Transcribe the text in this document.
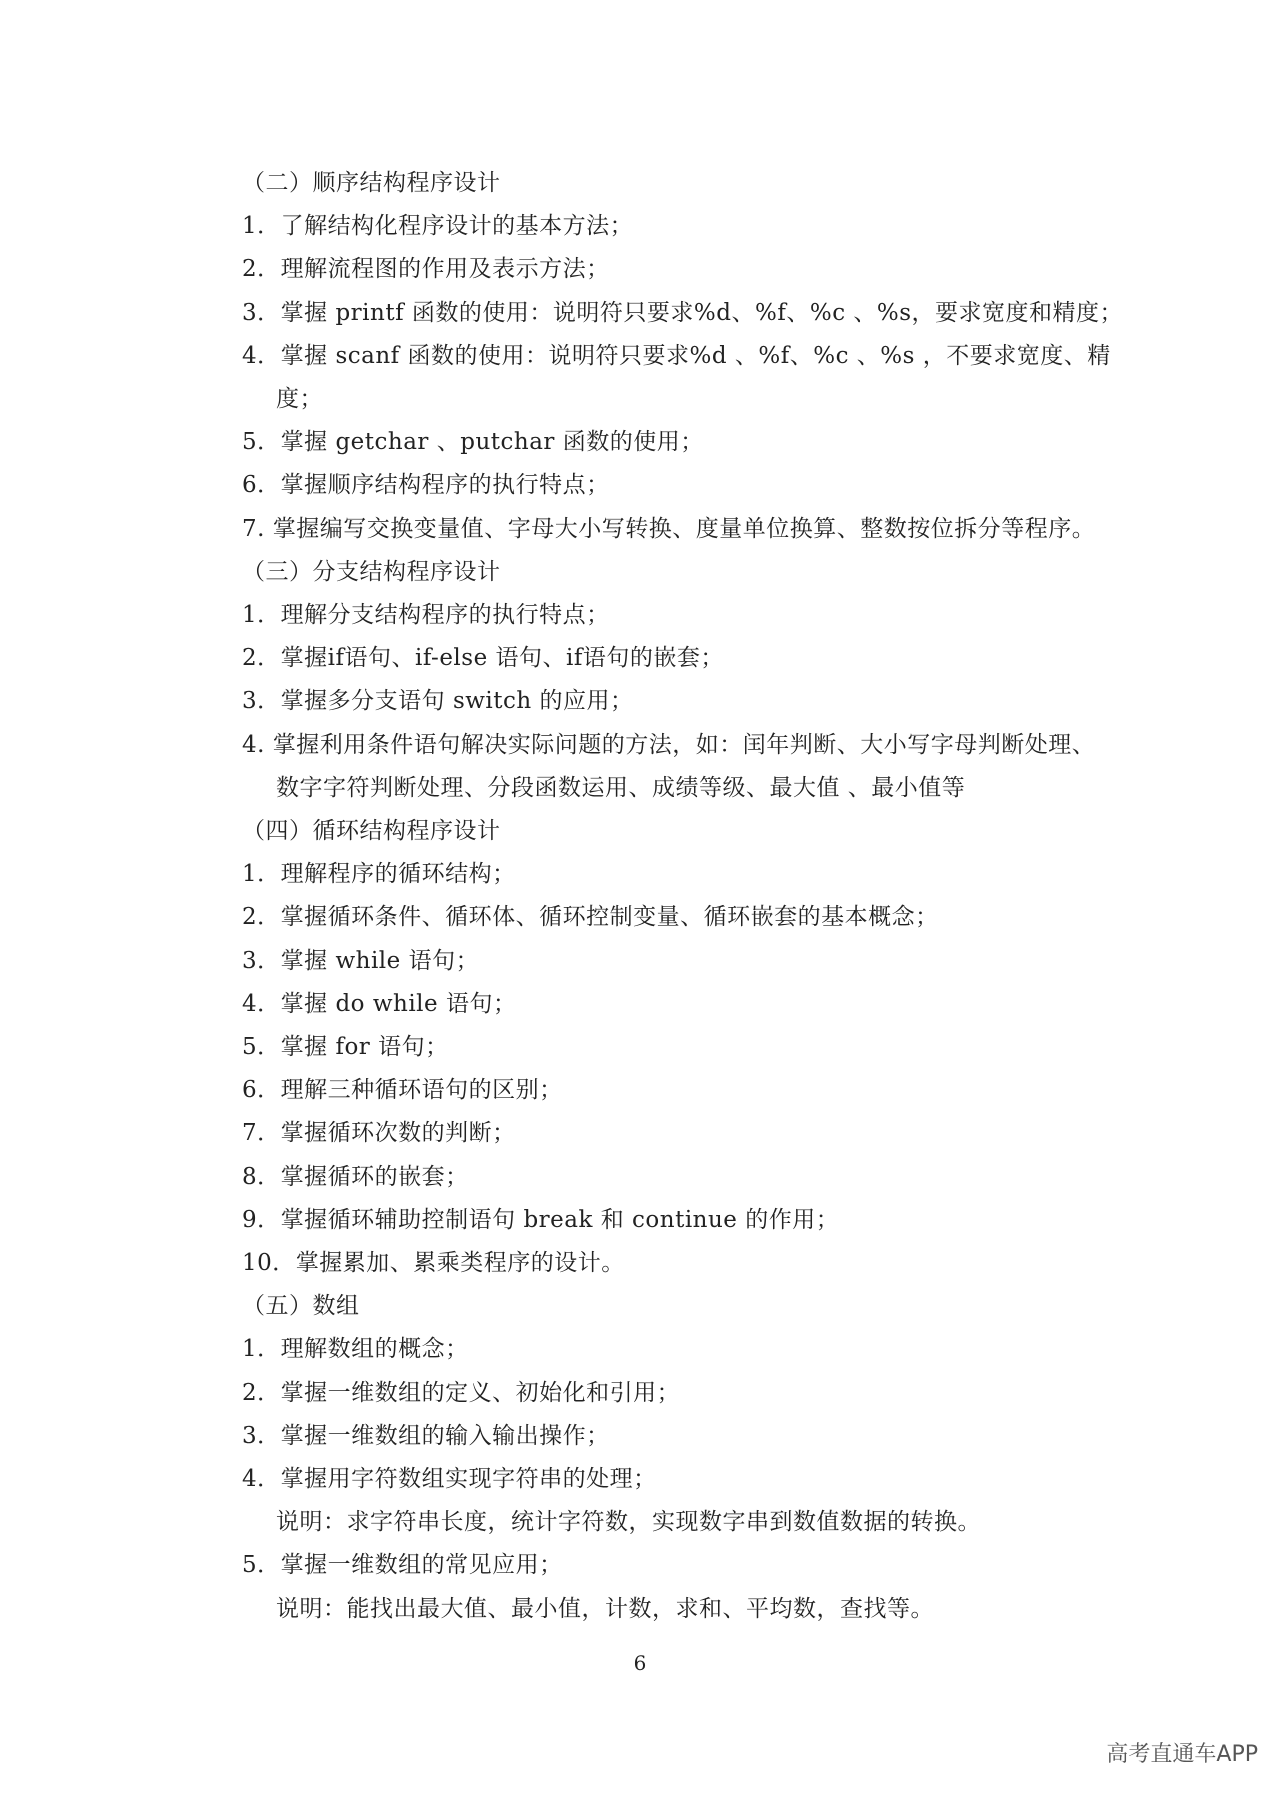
（二）顺序结构程序设计
1．了解结构化程序设计的基本方法；
2．理解流程图的作用及表示方法；
3．掌握 printf 函数的使用：说明符只要求%d、%f、%c 、%s，要求宽度和精度；
4．掌握 scanf 函数的使用：说明符只要求%d 、%f、%c 、%s ，不要求宽度、精
度；
5．掌握 getchar 、putchar 函数的使用；
6．掌握顺序结构程序的执行特点；
7. 掌握编写交换变量值、字母大小写转换、度量单位换算、整数按位拆分等程序。
（三）分支结构程序设计
1．理解分支结构程序的执行特点；
2．掌握if语句、if-else 语句、if语句的嵌套；
3．掌握多分支语句 switch 的应用；
4. 掌握利用条件语句解决实际问题的方法，如：闰年判断、大小写字母判断处理、
数字字符判断处理、分段函数运用、成绩等级、最大值 、最小值等
（四）循环结构程序设计
1．理解程序的循环结构；
2．掌握循环条件、循环体、循环控制变量、循环嵌套的基本概念；
3．掌握 while 语句；
4．掌握 do while 语句；
5．掌握 for 语句；
6．理解三种循环语句的区别；
7．掌握循环次数的判断；
8．掌握循环的嵌套；
9．掌握循环辅助控制语句 break 和 continue 的作用；
10．掌握累加、累乘类程序的设计。
（五）数组
1．理解数组的概念；
2．掌握一维数组的定义、初始化和引用；
3．掌握一维数组的输入输出操作；
4．掌握用字符数组实现字符串的处理；
说明：求字符串长度，统计字符数，实现数字串到数值数据的转换。
5．掌握一维数组的常见应用；
说明：能找出最大值、最小值，计数，求和、平均数，查找等。
6
高考直通车APP
